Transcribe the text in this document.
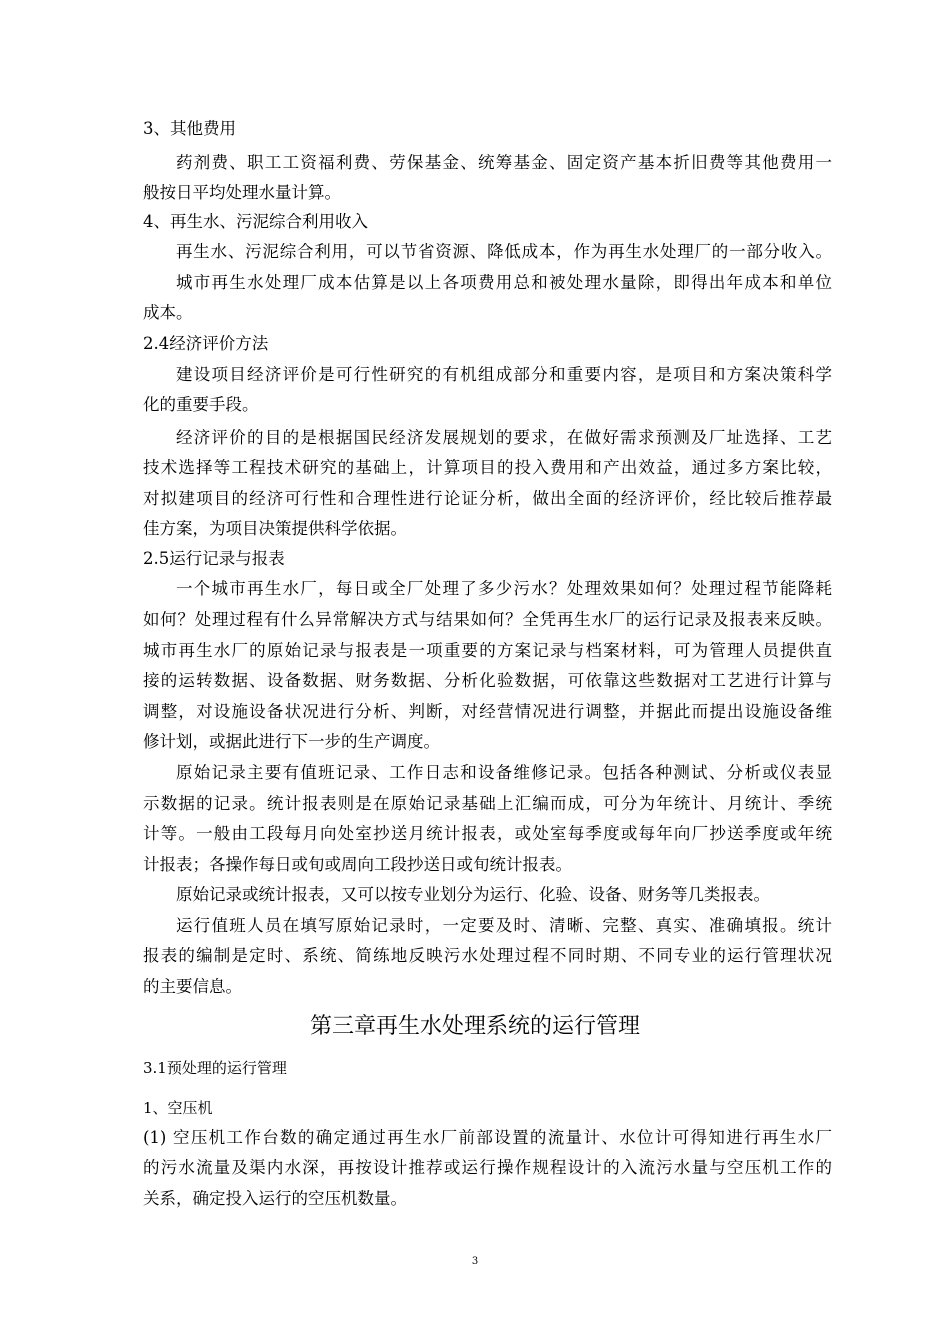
3、其他费用
药剂费、职工工资福利费、劳保基金、统筹基金、固定资产基本折旧费等其他费用一
般按日平均处理水量计算。
4、再生水、污泥综合利用收入
再生水、污泥综合利用，可以节省资源、降低成本，作为再生水处理厂的一部分收入。
城市再生水处理厂成本估算是以上各项费用总和被处理水量除，即得出年成本和单位
成本。
2.4经济评价方法
建设项目经济评价是可行性研究的有机组成部分和重要内容，是项目和方案决策科学
化的重要手段。
经济评价的目的是根据国民经济发展规划的要求，在做好需求预测及厂址选择、工艺
技术选择等工程技术研究的基础上，计算项目的投入费用和产出效益，通过多方案比较，
对拟建项目的经济可行性和合理性进行论证分析，做出全面的经济评价，经比较后推荐最
佳方案，为项目决策提供科学依据。
2.5运行记录与报表
一个城市再生水厂，每日或全厂处理了多少污水？处理效果如何？处理过程节能降耗
如何？处理过程有什么异常解决方式与结果如何？全凭再生水厂的运行记录及报表来反映。
城市再生水厂的原始记录与报表是一项重要的方案记录与档案材料，可为管理人员提供直
接的运转数据、设备数据、财务数据、分析化验数据，可依靠这些数据对工艺进行计算与
调整，对设施设备状况进行分析、判断，对经营情况进行调整，并据此而提出设施设备维
修计划，或据此进行下一步的生产调度。
原始记录主要有值班记录、工作日志和设备维修记录。包括各种测试、分析或仪表显
示数据的记录。统计报表则是在原始记录基础上汇编而成，可分为年统计、月统计、季统
计等。一般由工段每月向处室抄送月统计报表，或处室每季度或每年向厂抄送季度或年统
计报表；各操作每日或旬或周向工段抄送日或旬统计报表。
原始记录或统计报表，又可以按专业划分为运行、化验、设备、财务等几类报表。
运行值班人员在填写原始记录时，一定要及时、清晰、完整、真实、准确填报。统计
报表的编制是定时、系统、简练地反映污水处理过程不同时期、不同专业的运行管理状况
的主要信息。
第三章再生水处理系统的运行管理
3.1预处理的运行管理
1、空压机
(1) 空压机工作台数的确定通过再生水厂前部设置的流量计、水位计可得知进行再生水厂
的污水流量及渠内水深，再按设计推荐或运行操作规程设计的入流污水量与空压机工作的
关系，确定投入运行的空压机数量。
3
